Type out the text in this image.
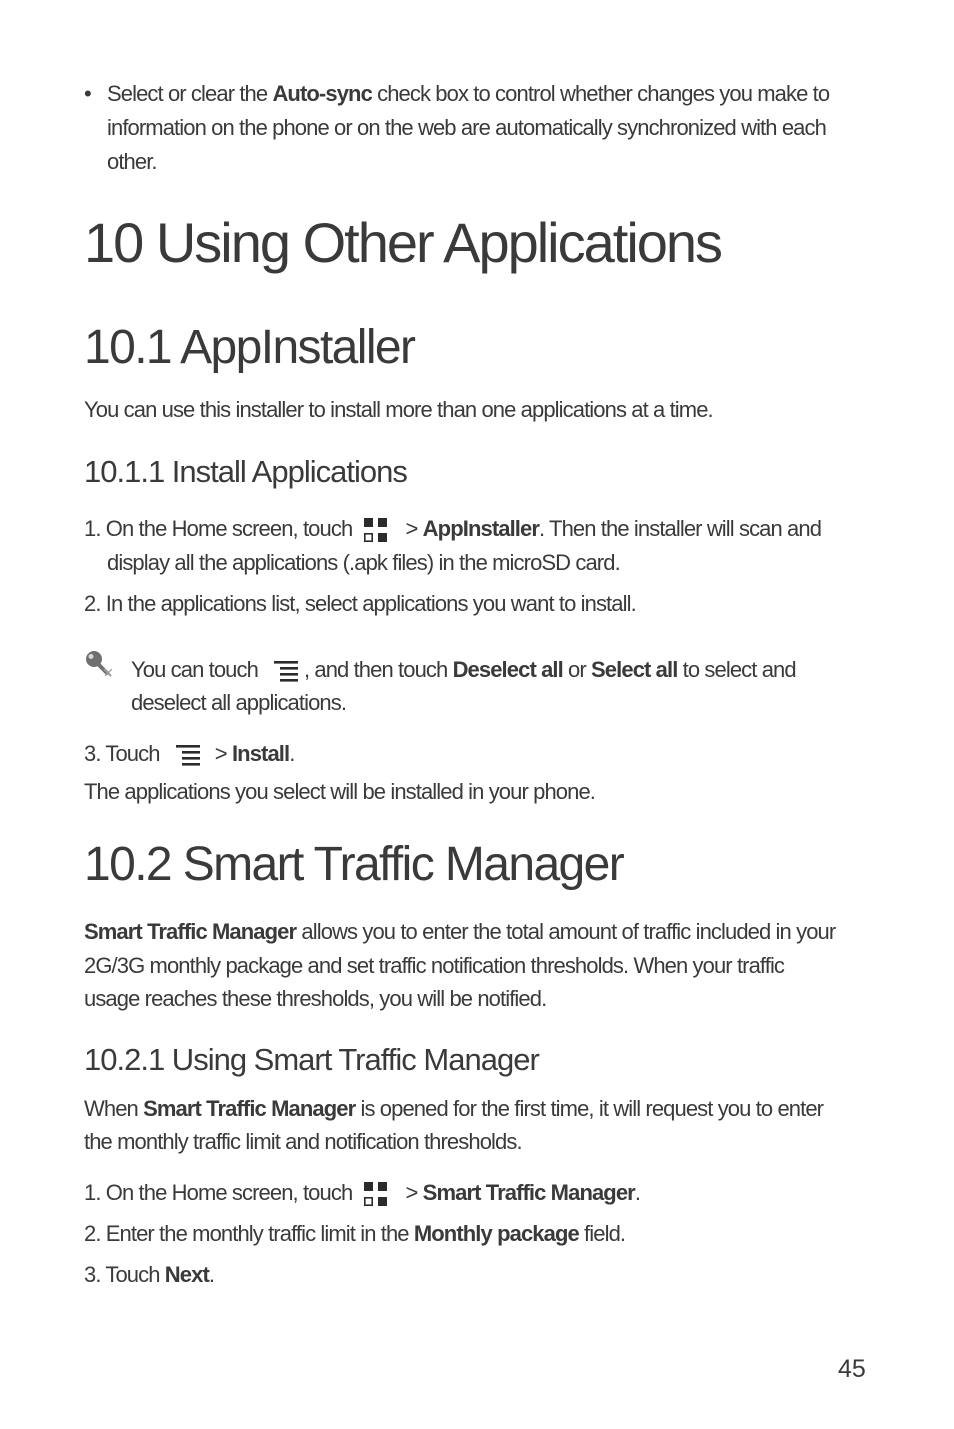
• Select or clear the Auto-sync check box to control whether changes you make to
information on the phone or on the web are automatically synchronized with each
other.
10 Using Other Applications
10.1 AppInstaller
You can use this installer to install more than one applications at a time.
10.1.1 Install Applications
1. On the Home screen, touch > AppInstaller. Then the installer will scan and
display all the applications (.apk files) in the microSD card.
2. In the applications list, select applications you want to install.
You can touch , and then touch Deselect all or Select all to select and
deselect all applications.
3. Touch > Install.
The applications you select will be installed in your phone.
10.2 Smart Traffic Manager
Smart Traffic Manager allows you to enter the total amount of traffic included in your
2G/3G monthly package and set traffic notification thresholds. When your traffic
usage reaches these thresholds, you will be notified.
10.2.1 Using Smart Traffic Manager
When Smart Traffic Manager is opened for the first time, it will request you to enter
the monthly traffic limit and notification thresholds.
1. On the Home screen, touch > Smart Traffic Manager.
2. Enter the monthly traffic limit in the Monthly package field.
3. Touch Next.
45
